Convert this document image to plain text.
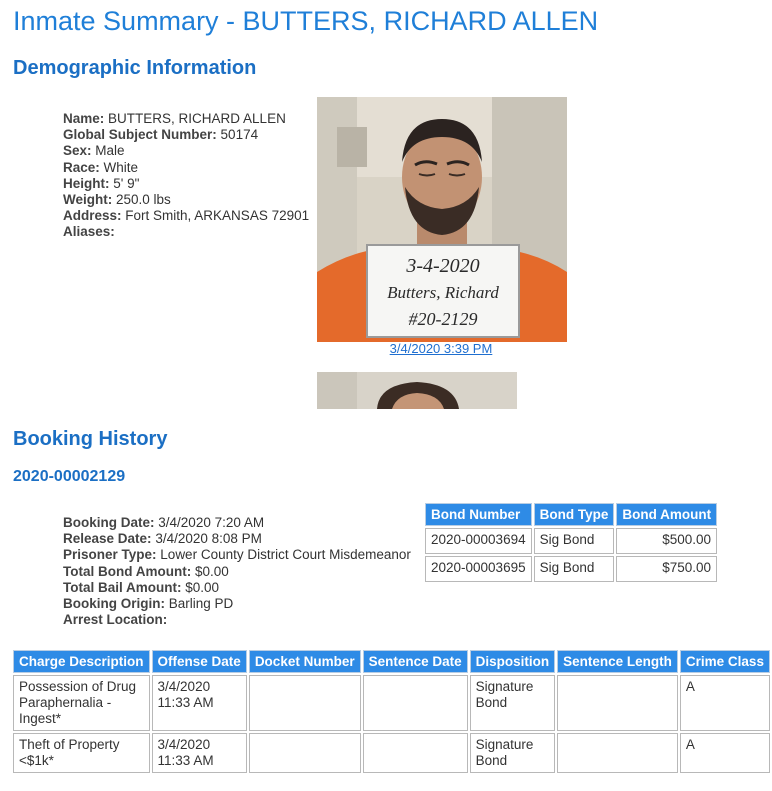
Inmate Summary - BUTTERS, RICHARD ALLEN
Demographic Information
Name: BUTTERS, RICHARD ALLEN
Global Subject Number: 50174
Sex: Male
Race: White
Height: 5' 9"
Weight: 250.0 lbs
Address: Fort Smith, ARKANSAS 72901
Aliases:
3-4-2020
Butters, Richard
#20-2129
3/4/2020 3:39 PM
Booking History
2020-00002129
Booking Date: 3/4/2020 7:20 AM
Release Date: 3/4/2020 8:08 PM
Prisoner Type: Lower County District Court Misdemeanor
Total Bond Amount: $0.00
Total Bail Amount: $0.00
Booking Origin: Barling PD
Arrest Location:
Bond Number	Bond Type	Bond Amount
2020-00003694	Sig Bond	$500.00
2020-00003695	Sig Bond	$750.00
Charge Description	Offense Date	Docket Number	Sentence Date	Disposition	Sentence Length	Crime Class
Possession of Drug Paraphernalia - Ingest*	3/4/2020 11:33 AM			Signature Bond		A
Theft of Property <$1k*	3/4/2020 11:33 AM			Signature Bond		A
